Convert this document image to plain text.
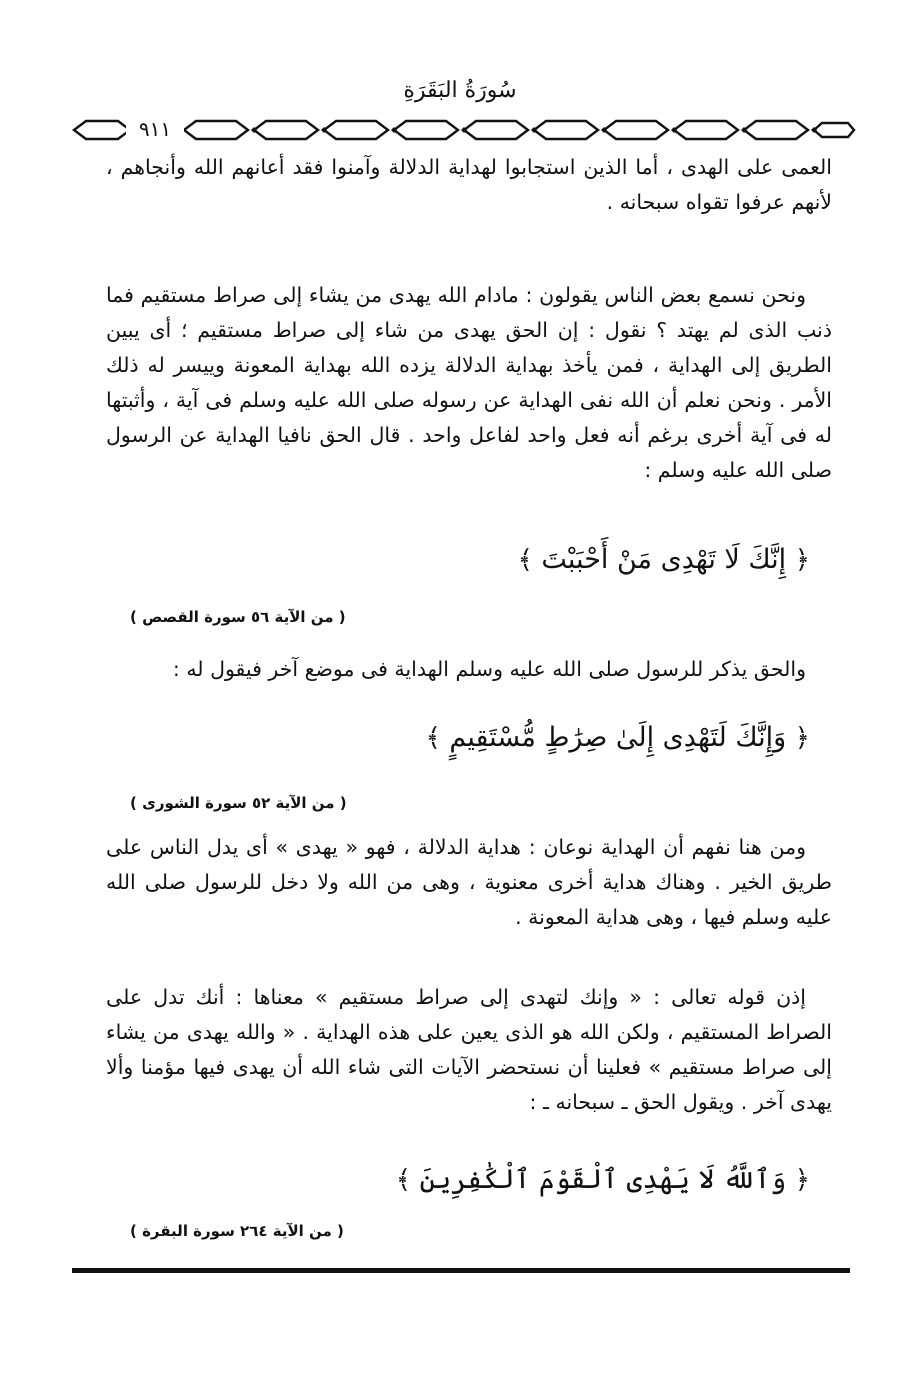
سُورَةُ البَقَرَةِ
٩١١

العمى على الهدى ، أما الذين استجابوا لهداية الدلالة وآمنوا فقد أعانهم الله وأنجاهم ، لأنهم عرفوا تقواه سبحانه .

ونحن نسمع بعض الناس يقولون : مادام الله يهدى من يشاء إلى صراط مستقيم فما ذنب الذى لم يهتد ؟ نقول : إن الحق يهدى من شاء إلى صراط مستقيم ؛ أى يبين الطريق إلى الهداية ، فمن يأخذ بهداية الدلالة يزده الله بهداية المعونة وييسر له ذلك الأمر . ونحن نعلم أن الله نفى الهداية عن رسوله صلى الله عليه وسلم فى آية ، وأثبتها له فى آية أخرى برغم أنه فعل واحد لفاعل واحد . قال الحق نافيا الهداية عن الرسول صلى الله عليه وسلم :

﴿ إِنَّكَ لَا تَهْدِى مَنْ أَحْبَبْتَ ﴾
( من الآية ٥٦ سورة القصص )

والحق يذكر للرسول صلى الله عليه وسلم الهداية فى موضع آخر فيقول له :

﴿ وَإِنَّكَ لَتَهْدِى إِلَىٰ صِرَٰطٍ مُّسْتَقِيمٍ ﴾
( من الآية ٥٢ سورة الشورى )

ومن هنا نفهم أن الهداية نوعان : هداية الدلالة ، فهو « يهدى » أى يدل الناس على طريق الخير . وهناك هداية أخرى معنوية ، وهى من الله ولا دخل للرسول صلى الله عليه وسلم فيها ، وهى هداية المعونة .

إذن قوله تعالى : « وإنك لتهدى إلى صراط مستقيم » معناها : أنك تدل على الصراط المستقيم ، ولكن الله هو الذى يعين على هذه الهداية . « والله يهدى من يشاء إلى صراط مستقيم » فعلينا أن نستحضر الآيات التى شاء الله أن يهدى فيها مؤمنا وألا يهدى آخر . ويقول الحق ـ سبحانه ـ :

﴿ وَٱللَّهُ لَا يَهْدِى ٱلْقَوْمَ ٱلْكَٰفِرِينَ ﴾
( من الآية ٢٦٤ سورة البقرة )
